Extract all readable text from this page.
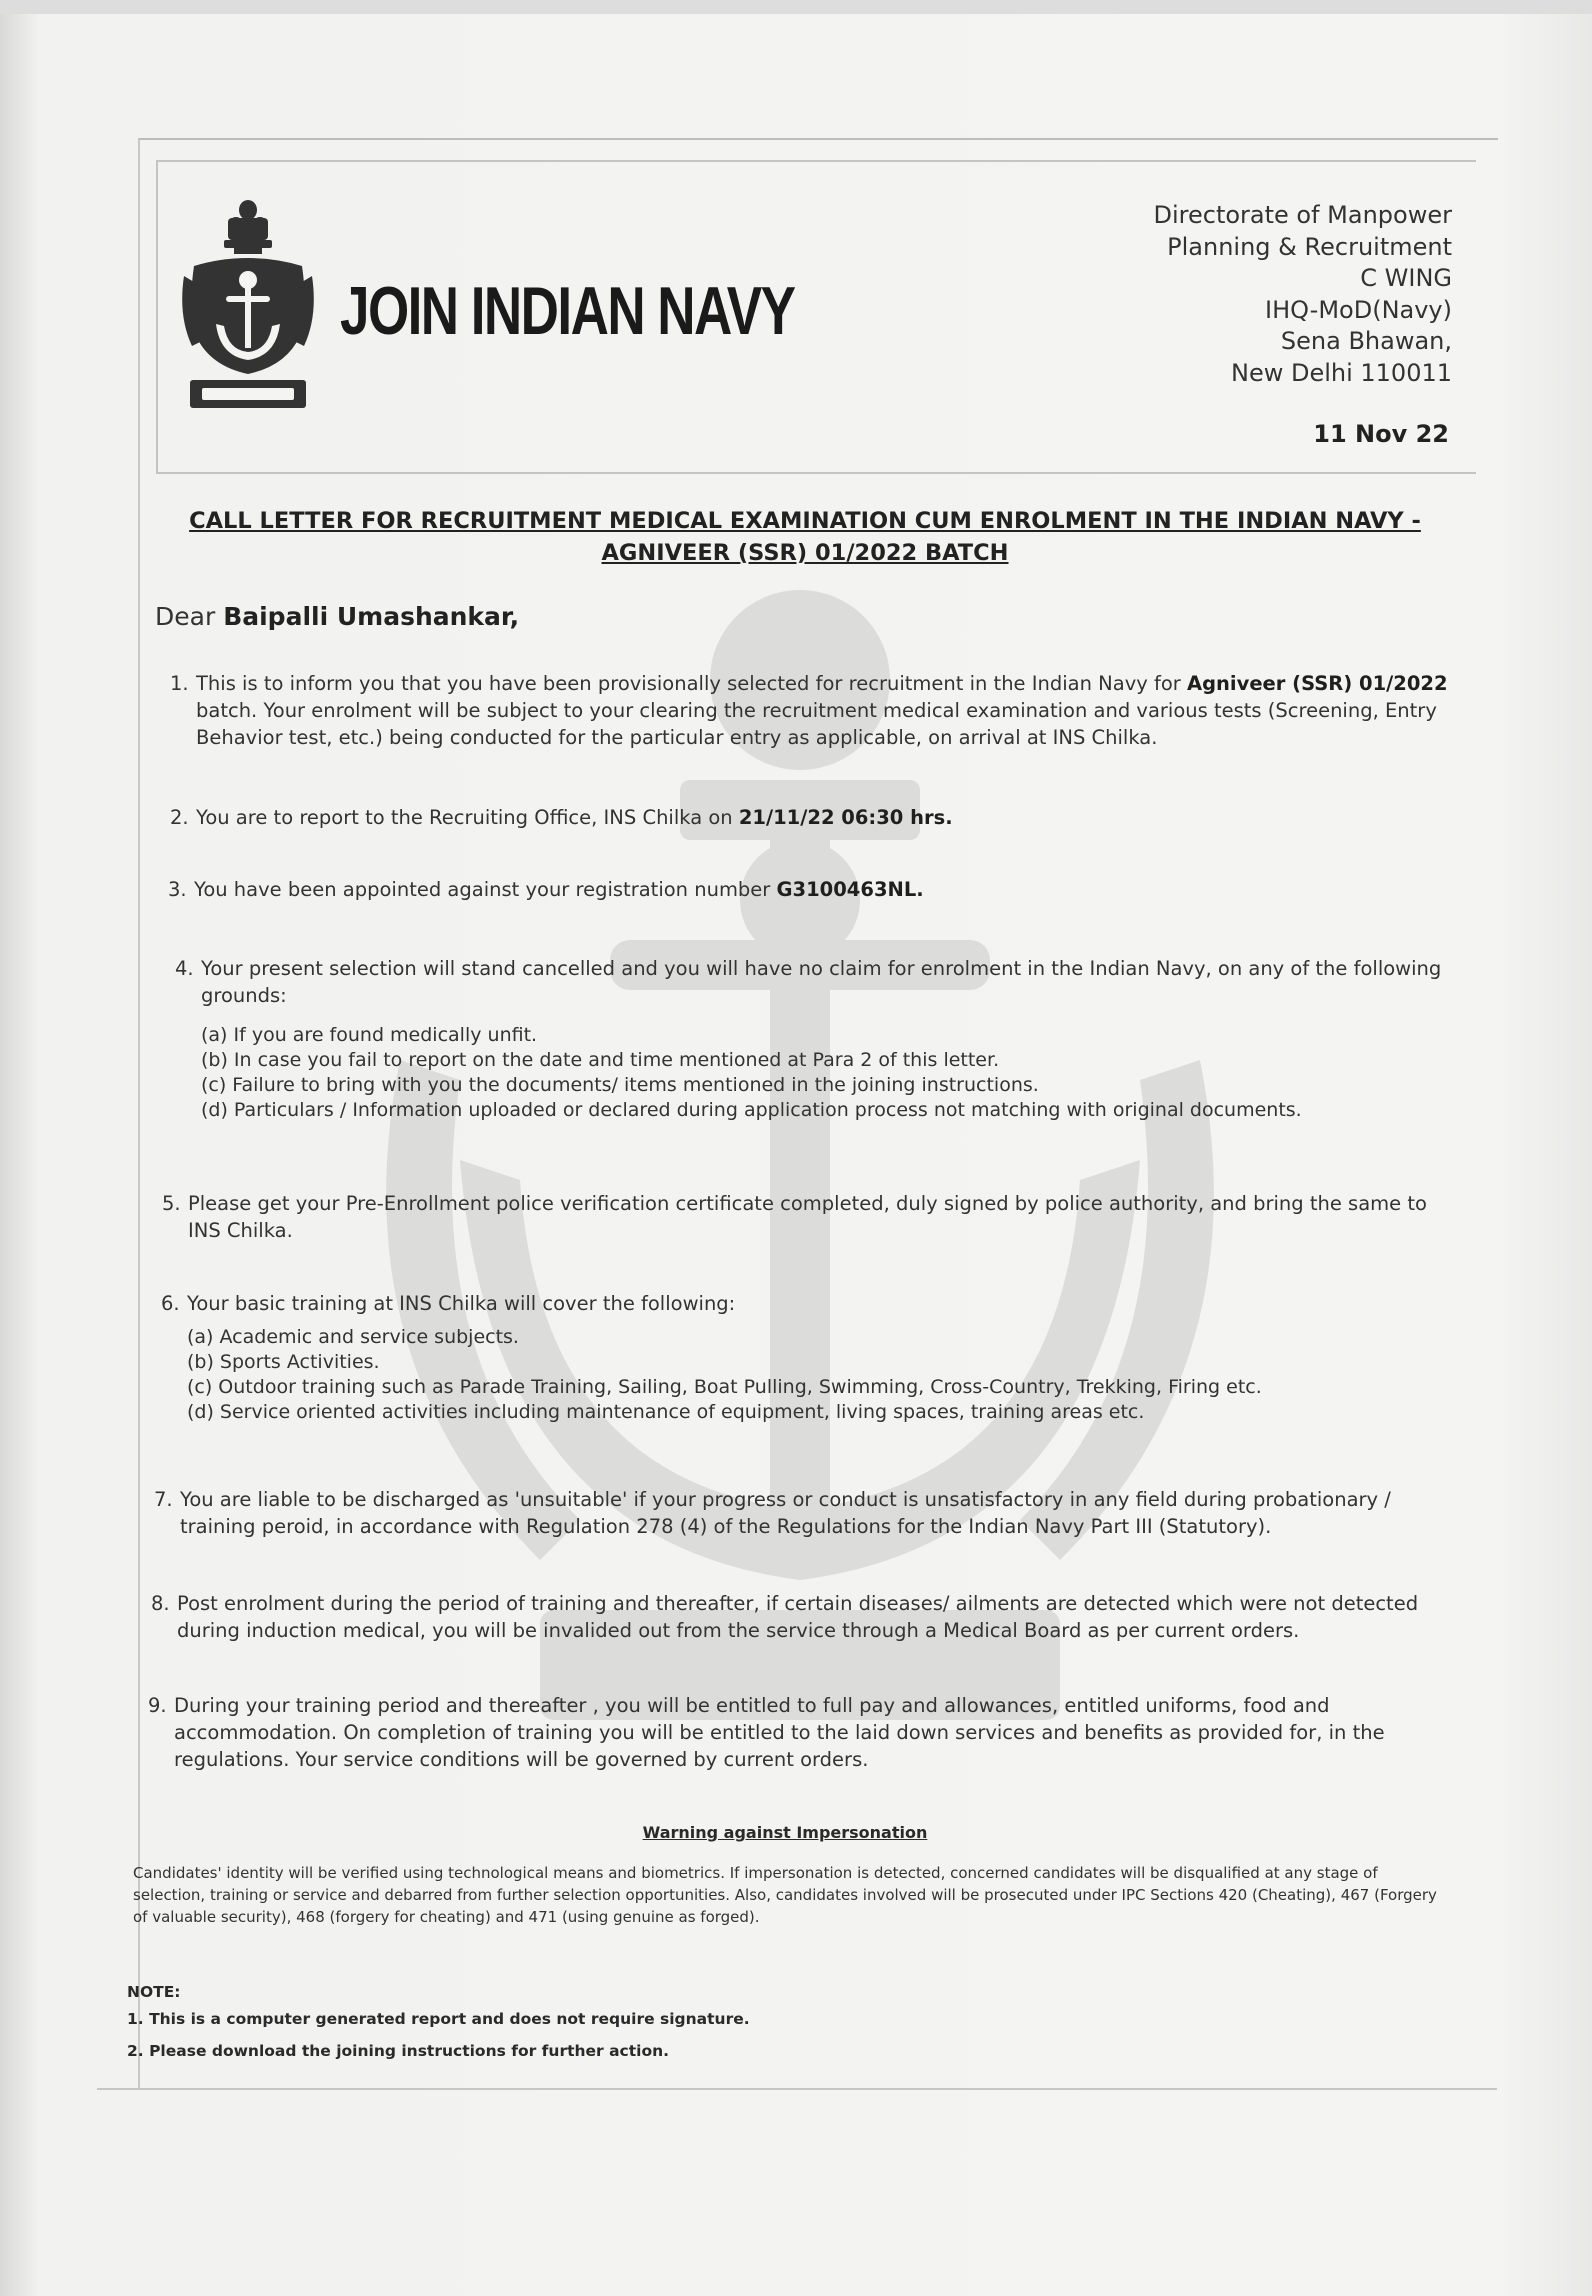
JOIN INDIAN NAVY
Directorate of Manpower
Planning & Recruitment
C WING
IHQ-MoD(Navy)
Sena Bhawan,
New Delhi 110011
11 Nov 22
CALL LETTER FOR RECRUITMENT MEDICAL EXAMINATION CUM ENROLMENT IN THE INDIAN NAVY -
AGNIVEER (SSR) 01/2022 BATCH
Dear Baipalli Umashankar,
1. This is to inform you that you have been provisionally selected for recruitment in the Indian Navy for Agniveer (SSR) 01/2022 batch. Your enrolment will be subject to your clearing the recruitment medical examination and various tests (Screening, Entry Behavior test, etc.) being conducted for the particular entry as applicable, on arrival at INS Chilka.
2. You are to report to the Recruiting Office, INS Chilka on 21/11/22 06:30 hrs.
3. You have been appointed against your registration number G3100463NL.
4. Your present selection will stand cancelled and you will have no claim for enrolment in the Indian Navy, on any of the following grounds:
(a) If you are found medically unfit.
(b) In case you fail to report on the date and time mentioned at Para 2 of this letter.
(c) Failure to bring with you the documents/ items mentioned in the joining instructions.
(d) Particulars / Information uploaded or declared during application process not matching with original documents.
5. Please get your Pre-Enrollment police verification certificate completed, duly signed by police authority, and bring the same to INS Chilka.
6. Your basic training at INS Chilka will cover the following:
(a) Academic and service subjects.
(b) Sports Activities.
(c) Outdoor training such as Parade Training, Sailing, Boat Pulling, Swimming, Cross-Country, Trekking, Firing etc.
(d) Service oriented activities including maintenance of equipment, living spaces, training areas etc.
7. You are liable to be discharged as 'unsuitable' if your progress or conduct is unsatisfactory in any field during probationary / training peroid, in accordance with Regulation 278 (4) of the Regulations for the Indian Navy Part III (Statutory).
8. Post enrolment during the period of training and thereafter, if certain diseases/ ailments are detected which were not detected during induction medical, you will be invalided out from the service through a Medical Board as per current orders.
9. During your training period and thereafter , you will be entitled to full pay and allowances, entitled uniforms, food and accommodation. On completion of training you will be entitled to the laid down services and benefits as provided for, in the regulations. Your service conditions will be governed by current orders.
Warning against Impersonation
Candidates' identity will be verified using technological means and biometrics. If impersonation is detected, concerned candidates will be disqualified at any stage of selection, training or service and debarred from further selection opportunities. Also, candidates involved will be prosecuted under IPC Sections 420 (Cheating), 467 (Forgery of valuable security), 468 (forgery for cheating) and 471 (using genuine as forged).
NOTE:
1. This is a computer generated report and does not require signature.
2. Please download the joining instructions for further action.
